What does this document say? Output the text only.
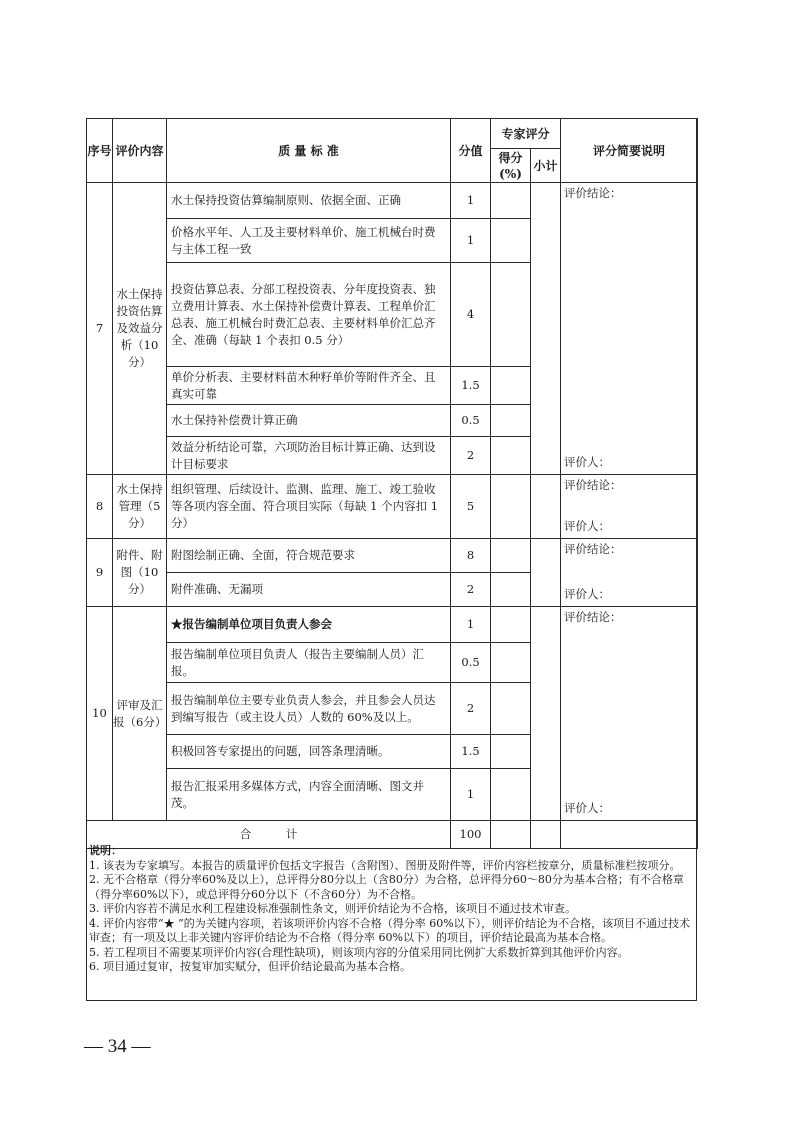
序号	评价内容	质 量 标 准	分值	专家评分		评分简要说明
				得分(%)	小计	
7	水土保持投资估算及效益分析（10分）	水土保持投资估算编制原则、依据全面、正确	1			评价结论：
评价人：

		价格水平年、人工及主要材料单价、施工机械台时费与主体工程一致	1			
		投资估算总表、分部工程投资表、分年度投资表、独立费用计算表、水土保持补偿费计算表、工程单价汇总表、施工机械台时费汇总表、主要材料单价汇总齐全、准确（每缺 1 个表扣 0.5 分）	4			
		单价分析表、主要材料苗木种籽单价等附件齐全、且真实可靠	1.5			
		水土保持补偿费计算正确	0.5			
		效益分析结论可靠，六项防治目标计算正确、达到设计目标要求	2			
8	水土保持管理（5分）	组织管理、后续设计、监测、监理、施工、竣工验收等各项内容全面、符合项目实际（每缺 1 个内容扣 1 分）	5			评价结论：
评价人：

9	附件、附图（10分）	附图绘制正确、全面，符合规范要求	8			评价结论：
评价人：

		附件准确、无漏项	2			
10	评审及汇报（6分）	★报告编制单位项目负责人参会	1			评价结论：
评价人：

		报告编制单位项目负责人（报告主要编制人员）汇报。	0.5			
		报告编制单位主要专业负责人参会，并且参会人员达到编写报告（或主设人员）人数的 60%及以上。	2			
		积极回答专家提出的问题，回答条理清晰。	1.5			
		报告汇报采用多媒体方式，内容全面清晰、图文并茂。	1			
合　　　计			100			
说明：
1. 该表为专家填写。本报告的质量评价包括文字报告（含附图）、图册及附件等，评价内容栏按章分，质量标准栏按项分。
2. 无不合格章（得分率60%及以上），总评得分80分以上（含80分）为合格，总评得分60～80分为基本合格；有不合格章（得分率60%以下），或总评得分60分以下（不含60分）为不合格。
3. 评价内容若不满足水利工程建设标准强制性条文，则评价结论为不合格，该项目不通过技术审查。
4. 评价内容带“★ ”的为关键内容项，若该项评价内容不合格（得分率 60%以下），则评价结论为不合格，该项目不通过技术审查；有一项及以上非关键内容评价结论为不合格（得分率 60%以下）的项目，评价结论最高为基本合格。
5. 若工程项目不需要某项评价内容(合理性缺项)，则该项内容的分值采用同比例扩大系数折算到其他评价内容。
6. 项目通过复审，按复审加实赋分，但评价结论最高为基本合格。
— 34 —
